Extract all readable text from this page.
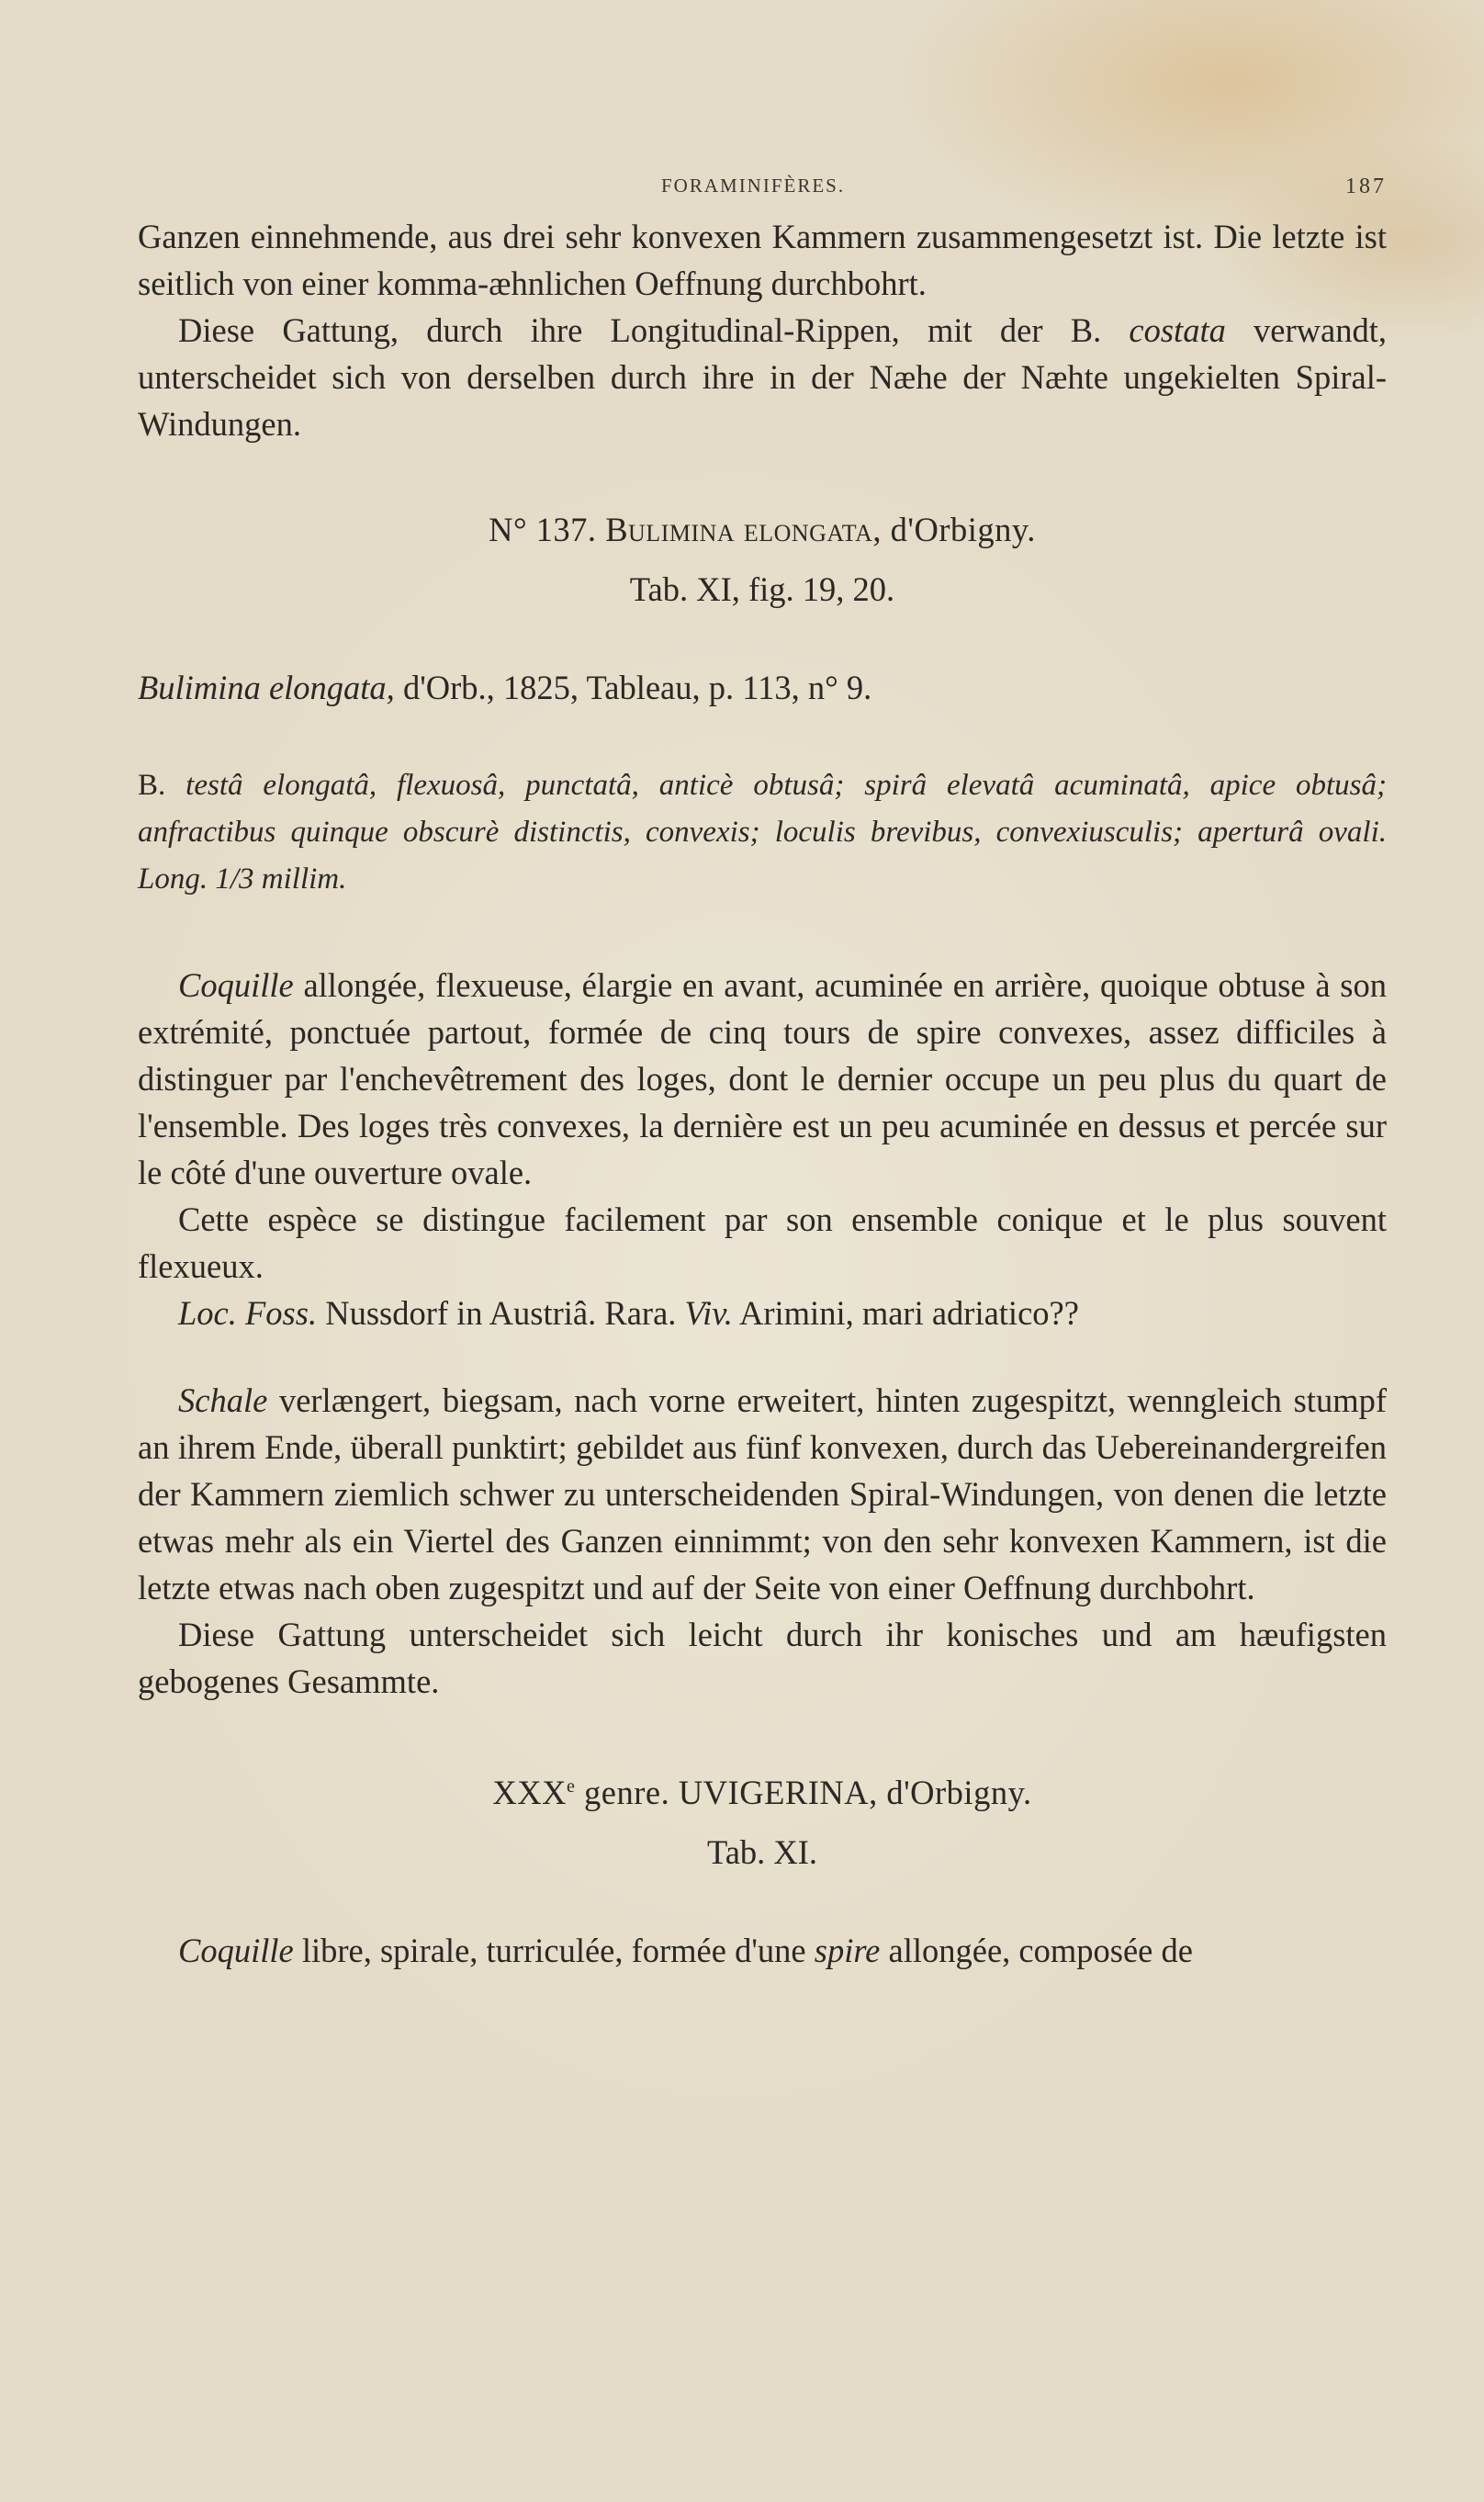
FORAMINIFÈRES.	187

Ganzen einnehmende, aus drei sehr konvexen Kammern zusammengesetzt ist. Die letzte ist seitlich von einer komma-æhnlichen Oeffnung durchbohrt.

Diese Gattung, durch ihre Longitudinal-Rippen, mit der B. costata verwandt, unterscheidet sich von derselben durch ihre in der Næhe der Næhte ungekielten Spiral-Windungen.

N° 137. Bulimina elongata, d'Orbigny.

Tab. XI, fig. 19, 20.

Bulimina elongata, d'Orb., 1825, Tableau, p. 113, n° 9.

B. testâ elongatâ, flexuosâ, punctatâ, anticè obtusâ; spirâ elevatâ acuminatâ, apice obtusâ; anfractibus quinque obscurè distinctis, convexis; loculis brevibus, convexiusculis; aperturâ ovali. Long. 1/3 millim.

Coquille allongée, flexueuse, élargie en avant, acuminée en arrière, quoique obtuse à son extrémité, ponctuée partout, formée de cinq tours de spire convexes, assez difficiles à distinguer par l'enchevêtrement des loges, dont le dernier occupe un peu plus du quart de l'ensemble. Des loges très convexes, la dernière est un peu acuminée en dessus et percée sur le côté d'une ouverture ovale.

Cette espèce se distingue facilement par son ensemble conique et le plus souvent flexueux.

Loc. Foss. Nussdorf in Austriâ. Rara. Viv. Arimini, mari adriatico??

Schale verlængert, biegsam, nach vorne erweitert, hinten zugespitzt, wenngleich stumpf an ihrem Ende, überall punktirt; gebildet aus fünf konvexen, durch das Uebereinandergreifen der Kammern ziemlich schwer zu unterscheidenden Spiral-Windungen, von denen die letzte etwas mehr als ein Viertel des Ganzen einnimmt; von den sehr konvexen Kammern, ist die letzte etwas nach oben zugespitzt und auf der Seite von einer Oeffnung durchbohrt.

Diese Gattung unterscheidet sich leicht durch ihr konisches und am hæufigsten gebogenes Gesammte.

XXXe genre. UVIGERINA, d'Orbigny.

Tab. XI.

Coquille libre, spirale, turriculée, formée d'une spire allongée, composée de
